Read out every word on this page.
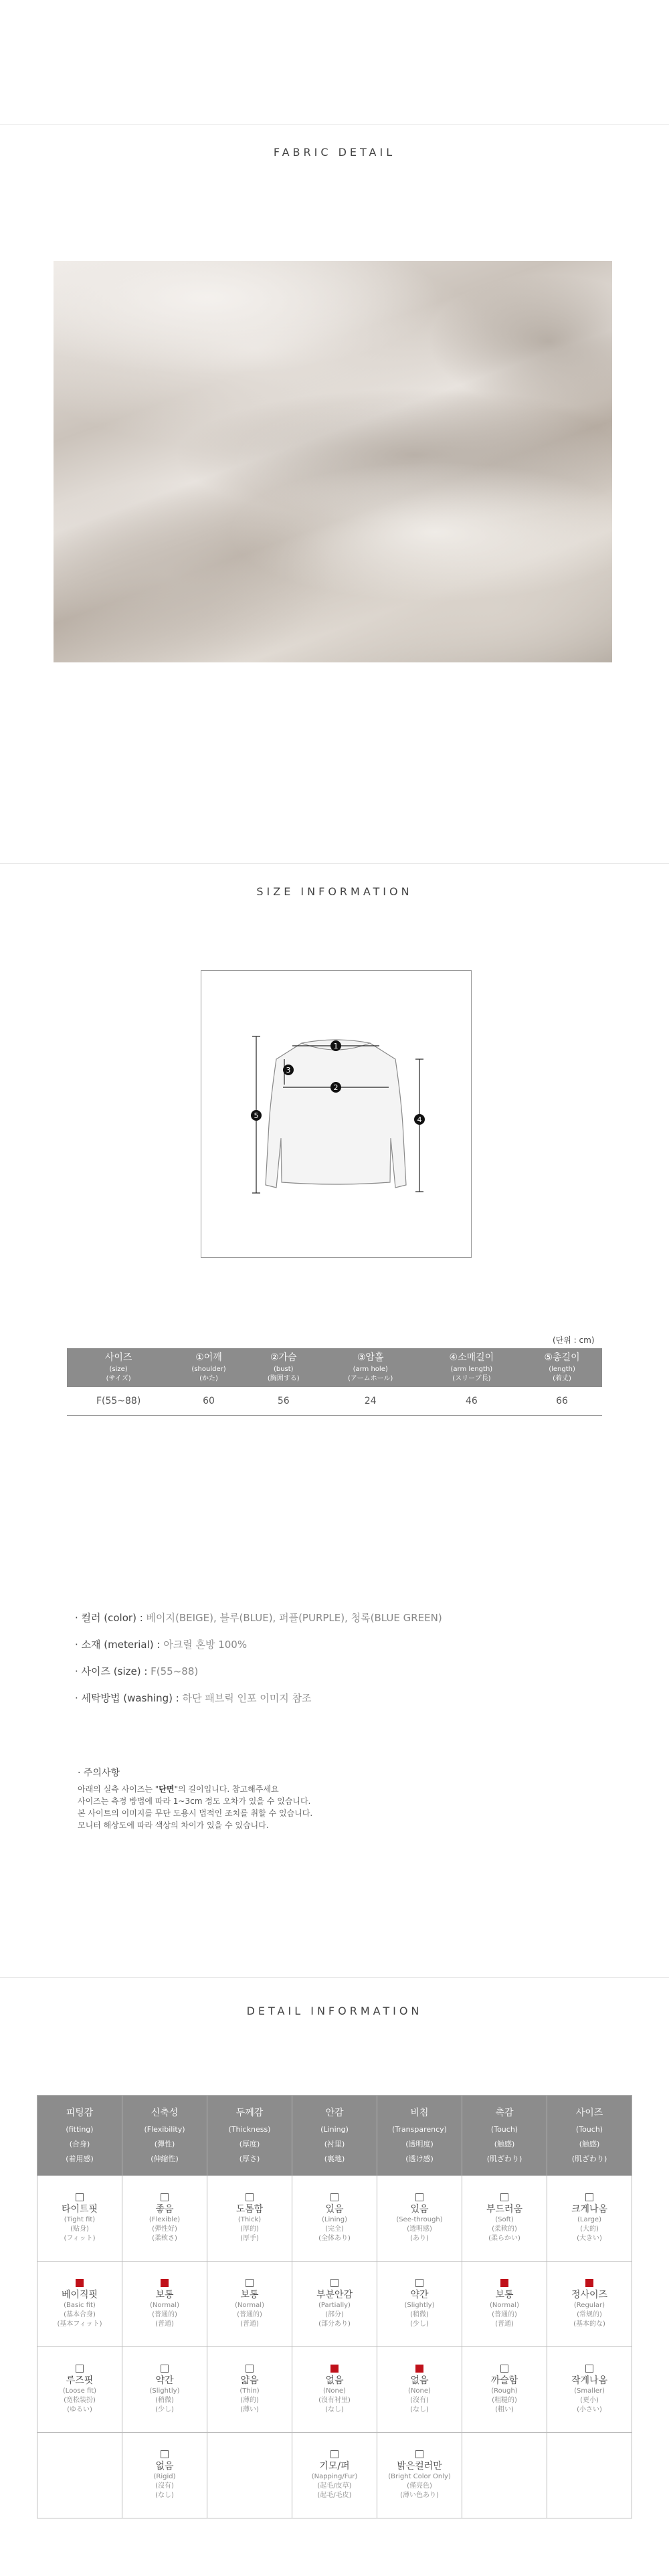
FABRIC DETAIL
SIZE INFORMATION
1
2
3
4
5
(단위 : cm)
사이즈
(size)
(サイズ)	①어깨
(shoulder)
(かた)	②가슴
(bust)
(胸囲する)	③암홀
(arm hole)
(アームホール)	④소매길이
(arm length)
(スリーブ長)	⑤총길이
(length)
(着丈)

F(55~88)	60	56	24	46	66
· 컬러 (color) : 베이지(BEIGE), 블루(BLUE), 퍼플(PURPLE), 청록(BLUE GREEN)
· 소재 (meterial) : 아크릴 혼방 100%
· 사이즈 (size) : F(55~88)
· 세탁방법 (washing) : 하단 패브릭 인포 이미지 참조
· 주의사항
아래의 실측 사이즈는 "단면"의 길이입니다. 참고해주세요
사이즈는 측정 방법에 따라 1~3cm 정도 오차가 있을 수 있습니다.
본 사이트의 이미지를 무단 도용시 법적인 조치를 취할 수 있습니다.
모니터 해상도에 따라 색상의 차이가 있을 수 있습니다.
DETAIL INFORMATION
피팅감
(fitting)
(合身)
(着用感)	신축성
(Flexibility)
(彈性)
(伸縮性)	두께감
(Thickness)
(厚度)
(厚さ)	안감
(Lining)
(衬里)
(裏地)	비침
(Transparency)
(透明度)
(透け感)	촉감
(Touch)
(触感)
(肌ざわり)	사이즈
(Touch)
(触感)
(肌ざわり)

타이트핏
(Tight fit)
(贴身)
(フィット)	좋음
(Flexible)
(彈性好)
(柔軟さ)	도톰함
(Thick)
(厚的)
(厚手)	있음
(Lining)
(完全)
(全体あり)	있음
(See-through)
(透明感)
(あり)	부드러움
(Soft)
(柔軟的)
(柔らかい)	크게나옴
(Large)
(大的)
(大きい)

베이직핏
(Basic fit)
(基本合身)
(基本フィット)	보통
(Normal)
(普通的)
(普通)	보통
(Normal)
(普通的)
(普通)	부분안감
(Partially)
(部分)
(部分あり)	약간
(Slightly)
(稍微)
(少し)	보통
(Normal)
(普通的)
(普通)	정사이즈
(Regular)
(常规的)
(基本的な)

루즈핏
(Loose fit)
(宽松装扮)
(ゆるい)	약간
(Slightly)
(稍微)
(少し)	얇음
(Thin)
(薄的)
(薄い)	없음
(None)
(沒有衬里)
(なし)	없음
(None)
(沒有)
(なし)	까슬함
(Rough)
(粗糙的)
(粗い)	작게나옴
(Smaller)
(更小)
(小さい)

	없음
(Rigid)
(沒有)
(なし)		기모/퍼
(Napping/Fur)
(起毛/皮草)
(起毛/毛皮)	밝은컬러만
(Bright Color Only)
(僅亮色)
(薄い色あり)		
